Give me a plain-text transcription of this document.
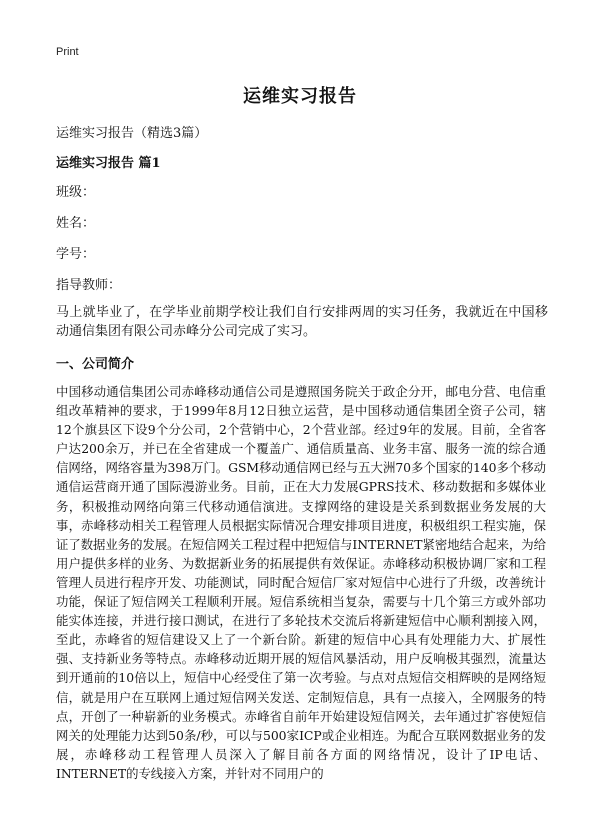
Print
运维实习报告
运维实习报告（精选3篇）
运维实习报告 篇1
班级：
姓名：
学号：
指导教师：

马上就毕业了，在学毕业前期学校让我们自行安排两周的实习任务，我就近在中国移动通信集团有限公司赤峰分公司完成了实习。

一、公司简介

中国移动通信集团公司赤峰移动通信公司是遵照国务院关于政企分开，邮电分营、电信重组改革精神的要求，于1999年8月12日独立运营，是中国移动通信集团全资子公司，辖12个旗县区下设9个分公司，2个营销中心，2个营业部。经过9年的发展。目前，全省客户达200余万，并已在全省建成一个覆盖广、通信质量高、业务丰富、服务一流的综合通信网络，网络容量为398万门。GSM移动通信网已经与五大洲70多个国家的140多个移动通信运营商开通了国际漫游业务。目前，正在大力发展GPRS技术、移动数据和多媒体业务，积极推动网络向第三代移动通信演进。支撑网络的建设是关系到数据业务发展的大事，赤峰移动相关工程管理人员根据实际情况合理安排项目进度，积极组织工程实施，保证了数据业务的发展。在短信网关工程过程中把短信与INTERNET紧密地结合起来，为给用户提供多样的业务、为数据新业务的拓展提供有效保证。赤峰移动积极协调厂家和工程管理人员进行程序开发、功能测试，同时配合短信厂家对短信中心进行了升级，改善统计功能，保证了短信网关工程顺利开展。短信系统相当复杂，需要与十几个第三方或外部功能实体连接，并进行接口测试，在进行了多轮技术交流后将新建短信中心顺利割接入网，至此，赤峰省的短信建设又上了一个新台阶。新建的短信中心具有处理能力大、扩展性强、支持新业务等特点。赤峰移动近期开展的短信风暴活动，用户反响极其强烈，流量达到开通前的10倍以上，短信中心经受住了第一次考验。与点对点短信交相辉映的是网络短信，就是用户在互联网上通过短信网关发送、定制短信息，具有一点接入，全网服务的特点，开创了一种崭新的业务模式。赤峰省自前年开始建设短信网关，去年通过扩容使短信网关的处理能力达到50条/秒，可以与500家ICP或企业相连。为配合互联网数据业务的发展，赤峰移动工程管理人员深入了解目前各方面的网络情况，设计了IP电话、INTERNET的专线接入方案，并针对不同用户的
